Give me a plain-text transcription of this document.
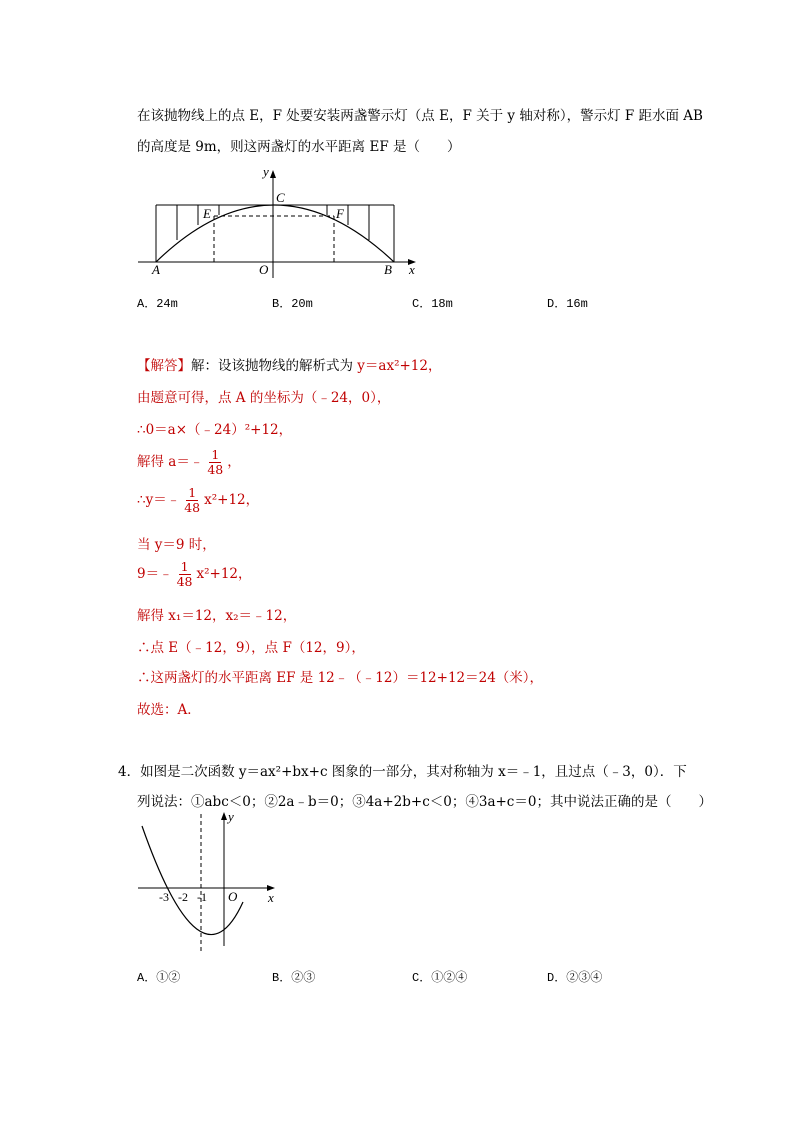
在该抛物线上的点 E，F 处要安装两盏警示灯（点 E，F 关于 y 轴对称），警示灯 F 距水面 AB
的高度是 9m，则这两盏灯的水平距离 EF 是（　　）
y
C
E	F
A	O	B x
A．24m	B．20m	C．18m	D．16m
【解答】解：设该抛物线的解析式为 y＝ax²+12，
由题意可得，点 A 的坐标为（﹣24，0），
∴0＝a×（﹣24）²+12，
解得 a＝﹣ $\frac{1}{48}$ ，
∴y＝﹣ $\frac{1}{48} x^2+12$，
当 y＝9 时，
9＝﹣ $\frac{1}{48} x^2+12$，
解得 x₁＝12，x₂＝﹣12，
∴点 E（﹣12，9），点 F（12，9），
∴这两盏灯的水平距离 EF 是 12﹣（﹣12）＝12+12＝24（米），
故选：A．
4．如图是二次函数 y＝ax²+bx+c 图象的一部分，其对称轴为 x＝﹣1，且过点（﹣3，0）．下
列说法：①abc＜0；②2a﹣b＝0；③4a+2b+c＜0；④3a+c＝0；其中说法正确的是（　　）
y
x
O
-3 -2 -1
A．①②	B．②③	C．①②④	D．②③④
